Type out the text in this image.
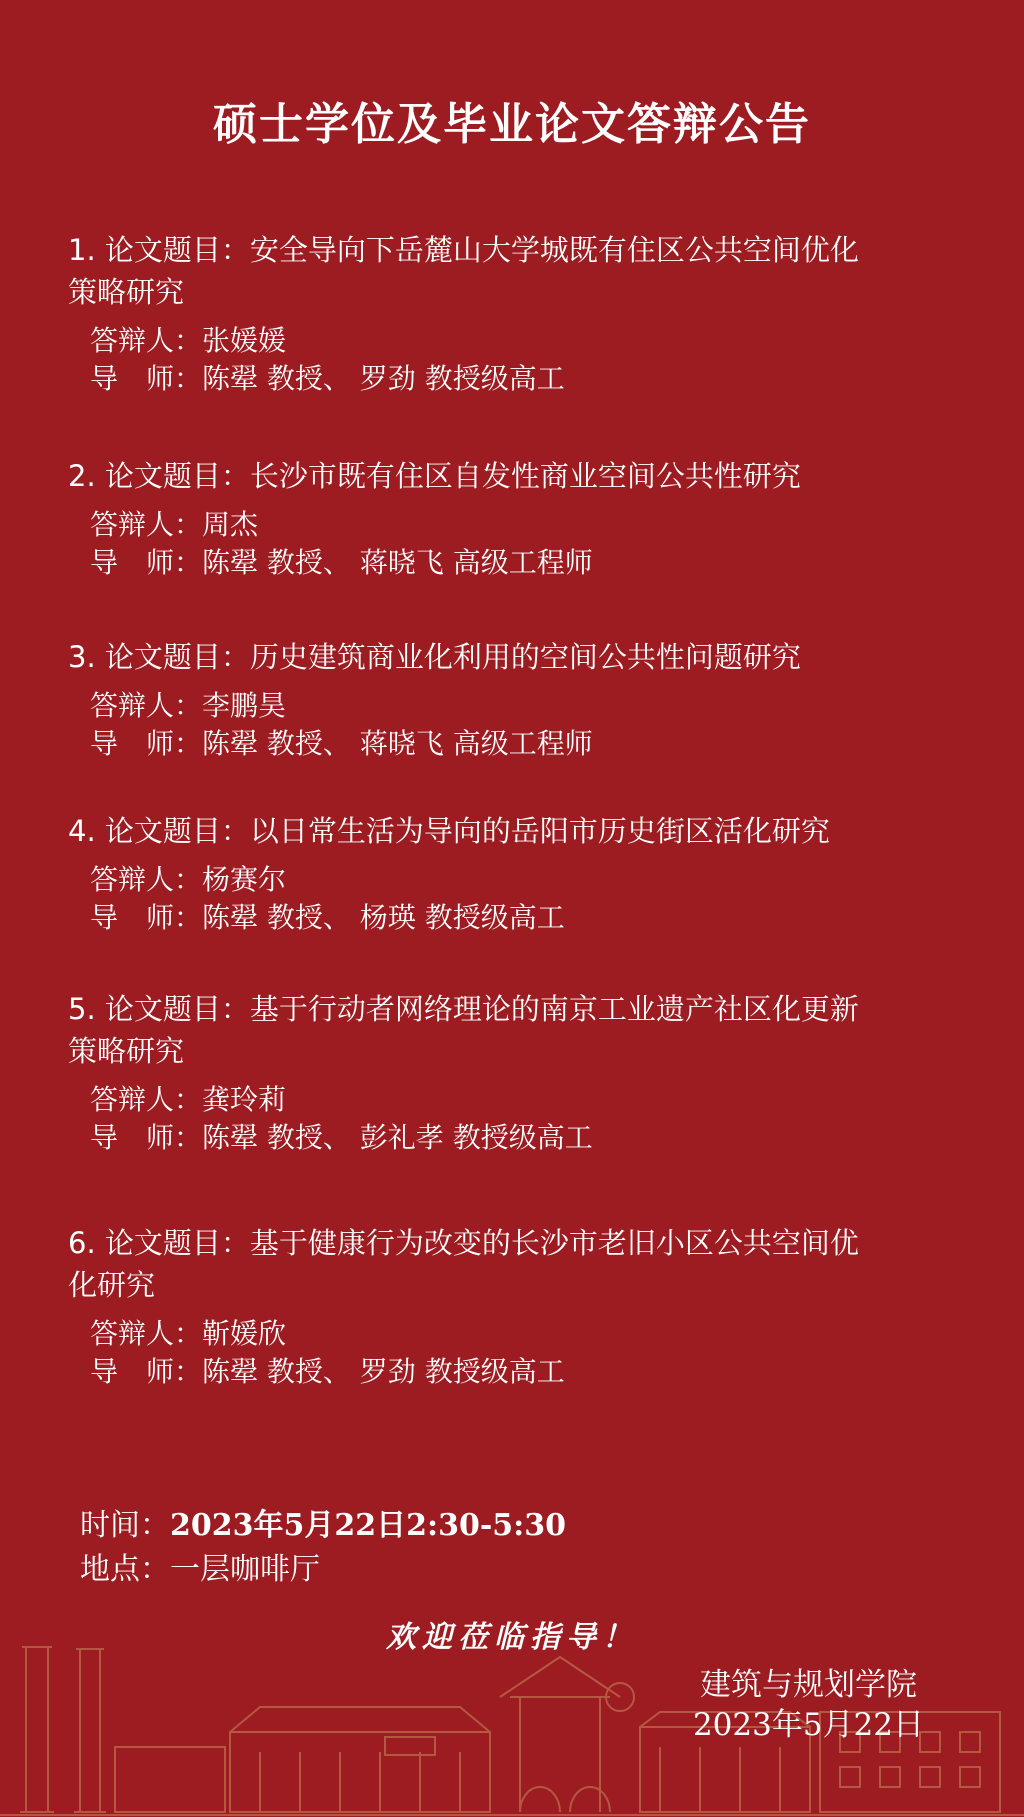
硕士学位及毕业论文答辩公告
1. 论文题目：安全导向下岳麓山大学城既有住区公共空间优化
策略研究
答辩人：张媛媛
导　师：陈翚 教授、 罗劲 教授级高工
2. 论文题目：长沙市既有住区自发性商业空间公共性研究
答辩人：周杰
导　师：陈翚 教授、 蒋晓飞 高级工程师
3. 论文题目：历史建筑商业化利用的空间公共性问题研究
答辩人：李鹏昊
导　师：陈翚 教授、 蒋晓飞 高级工程师
4. 论文题目：以日常生活为导向的岳阳市历史街区活化研究
答辩人：杨赛尔
导　师：陈翚 教授、 杨瑛 教授级高工
5. 论文题目：基于行动者网络理论的南京工业遗产社区化更新
策略研究
答辩人：龚玲莉
导　师：陈翚 教授、 彭礼孝 教授级高工
6. 论文题目：基于健康行为改变的长沙市老旧小区公共空间优
化研究
答辩人：靳媛欣
导　师：陈翚 教授、 罗劲 教授级高工
时间：2023年5月22日2:30-5:30
地点：一层咖啡厅
欢迎莅临指导！
建筑与规划学院
2023年5月22日
